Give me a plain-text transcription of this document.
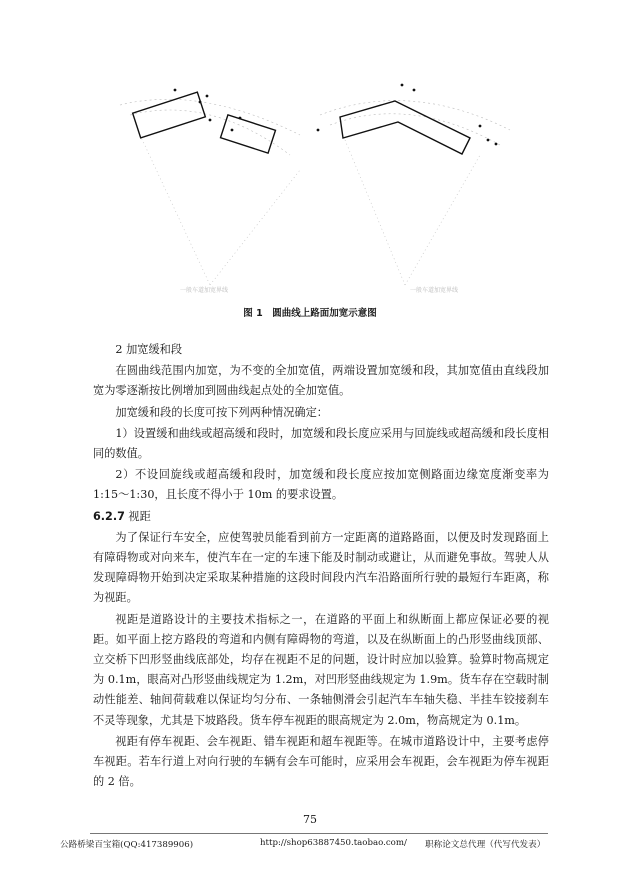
一般车道加宽界线	一般车道加宽界线
图 1　圆曲线上路面加宽示意图

2 加宽缓和段

在圆曲线范围内加宽，为不变的全加宽值，两端设置加宽缓和段，其加宽值由直线段加宽为零逐渐按比例增加到圆曲线起点处的全加宽值。

加宽缓和段的长度可按下列两种情况确定：

1）设置缓和曲线或超高缓和段时，加宽缓和段长度应采用与回旋线或超高缓和段长度相同的数值。

2）不设回旋线或超高缓和段时，加宽缓和段长度应按加宽侧路面边缘宽度渐变率为1:15～1:30，且长度不得小于 10m 的要求设置。

6.2.7 视距

为了保证行车安全，应使驾驶员能看到前方一定距离的道路路面，以便及时发现路面上有障碍物或对向来车，使汽车在一定的车速下能及时制动或避让，从而避免事故。驾驶人从发现障碍物开始到决定采取某种措施的这段时间段内汽车沿路面所行驶的最短行车距离，称为视距。

视距是道路设计的主要技术指标之一，在道路的平面上和纵断面上都应保证必要的视距。如平面上挖方路段的弯道和内侧有障碍物的弯道，以及在纵断面上的凸形竖曲线顶部、立交桥下凹形竖曲线底部处，均存在视距不足的问题，设计时应加以验算。验算时物高规定为 0.1m，眼高对凸形竖曲线规定为 1.2m，对凹形竖曲线规定为 1.9m。货车存在空载时制动性能差、轴间荷载难以保证均匀分布、一条轴侧滑会引起汽车车轴失稳、半挂车铰接刹车不灵等现象，尤其是下坡路段。货车停车视距的眼高规定为 2.0m，物高规定为 0.1m。

视距有停车视距、会车视距、错车视距和超车视距等。在城市道路设计中，主要考虑停车视距。若车行道上对向行驶的车辆有会车可能时，应采用会车视距，会车视距为停车视距的 2 倍。

75
公路桥梁百宝箱(QQ:417389906)	http://shop63887450.taobao.com/ 职称论文总代理（代写代发表）
